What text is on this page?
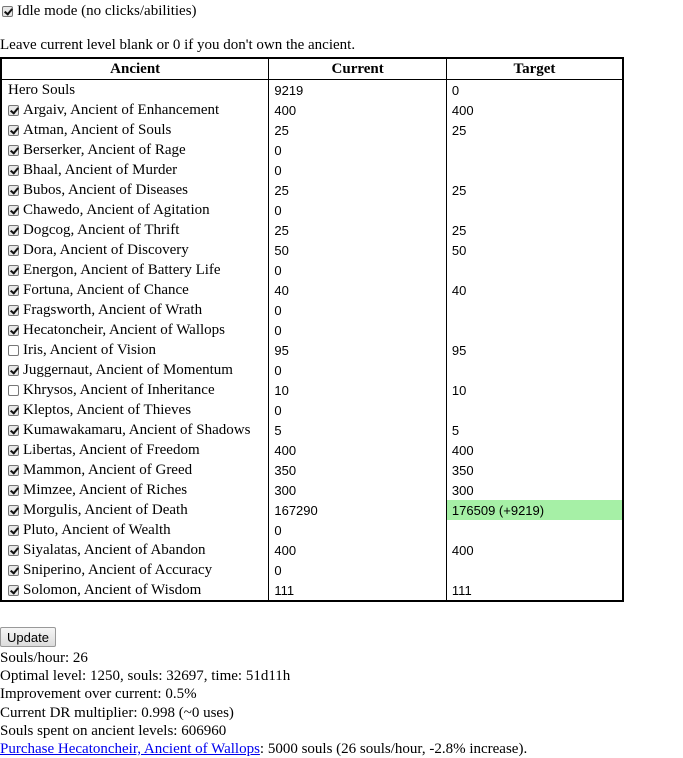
Idle mode (no clicks/abilities)
Leave current level blank or 0 if you don't own the ancient.
Ancient	Current	Target

Hero Souls	9219	0

Argaiv, Ancient of Enhancement	400	400

Atman, Ancient of Souls	25	25

Berserker, Ancient of Rage	0	

Bhaal, Ancient of Murder	0	

Bubos, Ancient of Diseases	25	25

Chawedo, Ancient of Agitation	0	

Dogcog, Ancient of Thrift	25	25

Dora, Ancient of Discovery	50	50

Energon, Ancient of Battery Life	0	

Fortuna, Ancient of Chance	40	40

Fragsworth, Ancient of Wrath	0	

Hecatoncheir, Ancient of Wallops	0	

Iris, Ancient of Vision	95	95

Juggernaut, Ancient of Momentum	0	

Khrysos, Ancient of Inheritance	10	10

Kleptos, Ancient of Thieves	0	

Kumawakamaru, Ancient of Shadows	5	5

Libertas, Ancient of Freedom	400	400

Mammon, Ancient of Greed	350	350

Mimzee, Ancient of Riches	300	300

Morgulis, Ancient of Death	167290	176509 (+9219)

Pluto, Ancient of Wealth	0	

Siyalatas, Ancient of Abandon	400	400

Sniperino, Ancient of Accuracy	0	

Solomon, Ancient of Wisdom	111	111
Update
Souls/hour: 26
Optimal level: 1250, souls: 32697, time: 51d11h
Improvement over current: 0.5%
Current DR multiplier: 0.998 (~0 uses)
Souls spent on ancient levels: 606960
Purchase Hecatoncheir, Ancient of Wallops: 5000 souls (26 souls/hour, -2.8% increase).
